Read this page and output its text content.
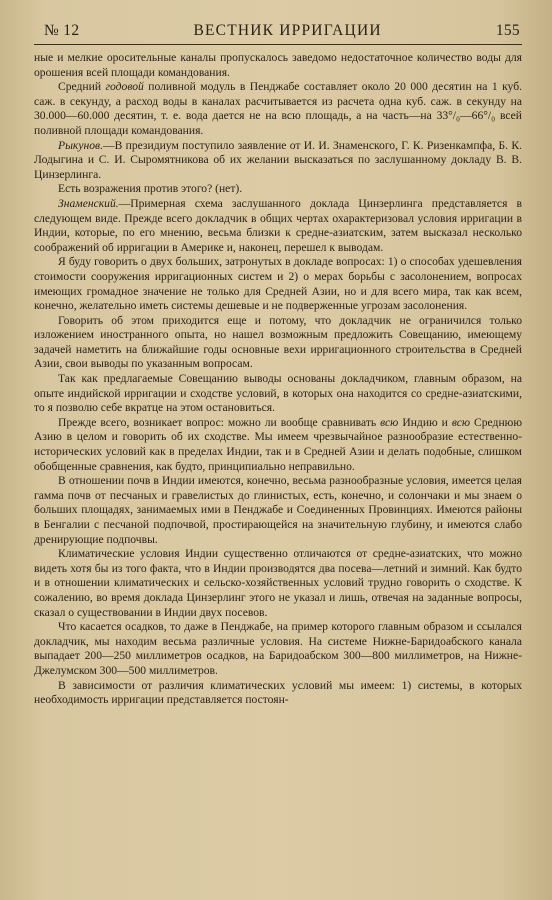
№ 12	ВЕСТНИК ИРРИГАЦИИ	155

ные и мелкие оросительные каналы пропускалось заведомо недостаточное количество воды для орошения всей площади командования.

Средний годовой поливной модуль в Пенджабе составляет около 20 000 десятин на 1 куб. саж. в секунду, а расход воды в каналах расчитывается из расчета одна куб. саж. в секунду на 30.000—60.000 десятин, т. е. вода дается не на всю площадь, а на часть—на 33°/₀—66°/₀ всей поливной площади командования.

Рыкунов.—В президиум поступило заявление от И. И. Знаменского, Г. К. Ризенкампфа, Б. К. Лодыгина и С. И. Сыромятникова об их желании высказаться по заслушанному докладу В. В. Цинзерлинга.

Есть возражения против этого? (нет).

Знаменский.—Примерная схема заслушанного доклада Цинзерлинга представляется в следующем виде. Прежде всего докладчик в общих чертах охарактеризовал условия ирригации в Индии, которые, по его мнению, весьма близки к средне-азиатским, затем высказал несколько соображений об ирригации в Америке и, наконец, перешел к выводам.

Я буду говорить о двух больших, затронутых в докладе вопросах: 1) о способах удешевления стоимости сооружения ирригационных систем и 2) о мерах борьбы с засолонением, вопросах имеющих громадное значение не только для Средней Азии, но и для всего мира, так как всем, конечно, желательно иметь системы дешевые и не подверженные угрозам засолонения.

Говорить об этом приходится еще и потому, что докладчик не ограничился только изложением иностранного опыта, но нашел возможным предложить Совещанию, имеющему задачей наметить на ближайшие годы основные вехи ирригационного строительства в Средней Азии, свои выводы по указанным вопросам.

Так как предлагаемые Совещанию выводы основаны докладчиком, главным образом, на опыте индийской ирригации и сходстве условий, в которых она находится со средне-азиатскими, то я позволю себе вкратце на этом остановиться.

Прежде всего, возникает вопрос: можно ли вообще сравнивать всю Индию и всю Среднюю Азию в целом и говорить об их сходстве. Мы имеем чрезвычайное разнообразие естественно-исторических условий как в пределах Индии, так и в Средней Азии и делать подобные, слишком обобщенные сравнения, как будто, принципиально неправильно.

В отношении почв в Индии имеются, конечно, весьма разнообразные условия, имеется целая гамма почв от песчаных и гравелистых до глинистых, есть, конечно, и солончаки и мы знаем о больших площадях, занимаемых ими в Пенджабе и Соединенных Провинциях. Имеются районы в Бенгалии с песчаной подпочвой, простирающейся на значительную глубину, и имеются слабо дренирующие подпочвы.

Климатические условия Индии существенно отличаются от средне-азиатских, что можно видеть хотя бы из того факта, что в Индии производятся два посева—летний и зимний. Как будто и в отношении климатических и сельско-хозяйственных условий трудно говорить о сходстве. К сожалению, во время доклада Цинзерлинг этого не указал и лишь, отвечая на заданные вопросы, сказал о существовании в Индии двух посевов.

Что касается осадков, то даже в Пенджабе, на пример которого главным образом и ссылался докладчик, мы находим весьма различные условия. На системе Нижне-Баридоабского канала выпадает 200—250 миллиметров осадков, на Баридоабском 300—800 миллиметров, на Нижне-Джелумском 300—500 миллиметров.

В зависимости от различия климатических условий мы имеем: 1) системы, в которых необходимость ирригации представляется постоян-
